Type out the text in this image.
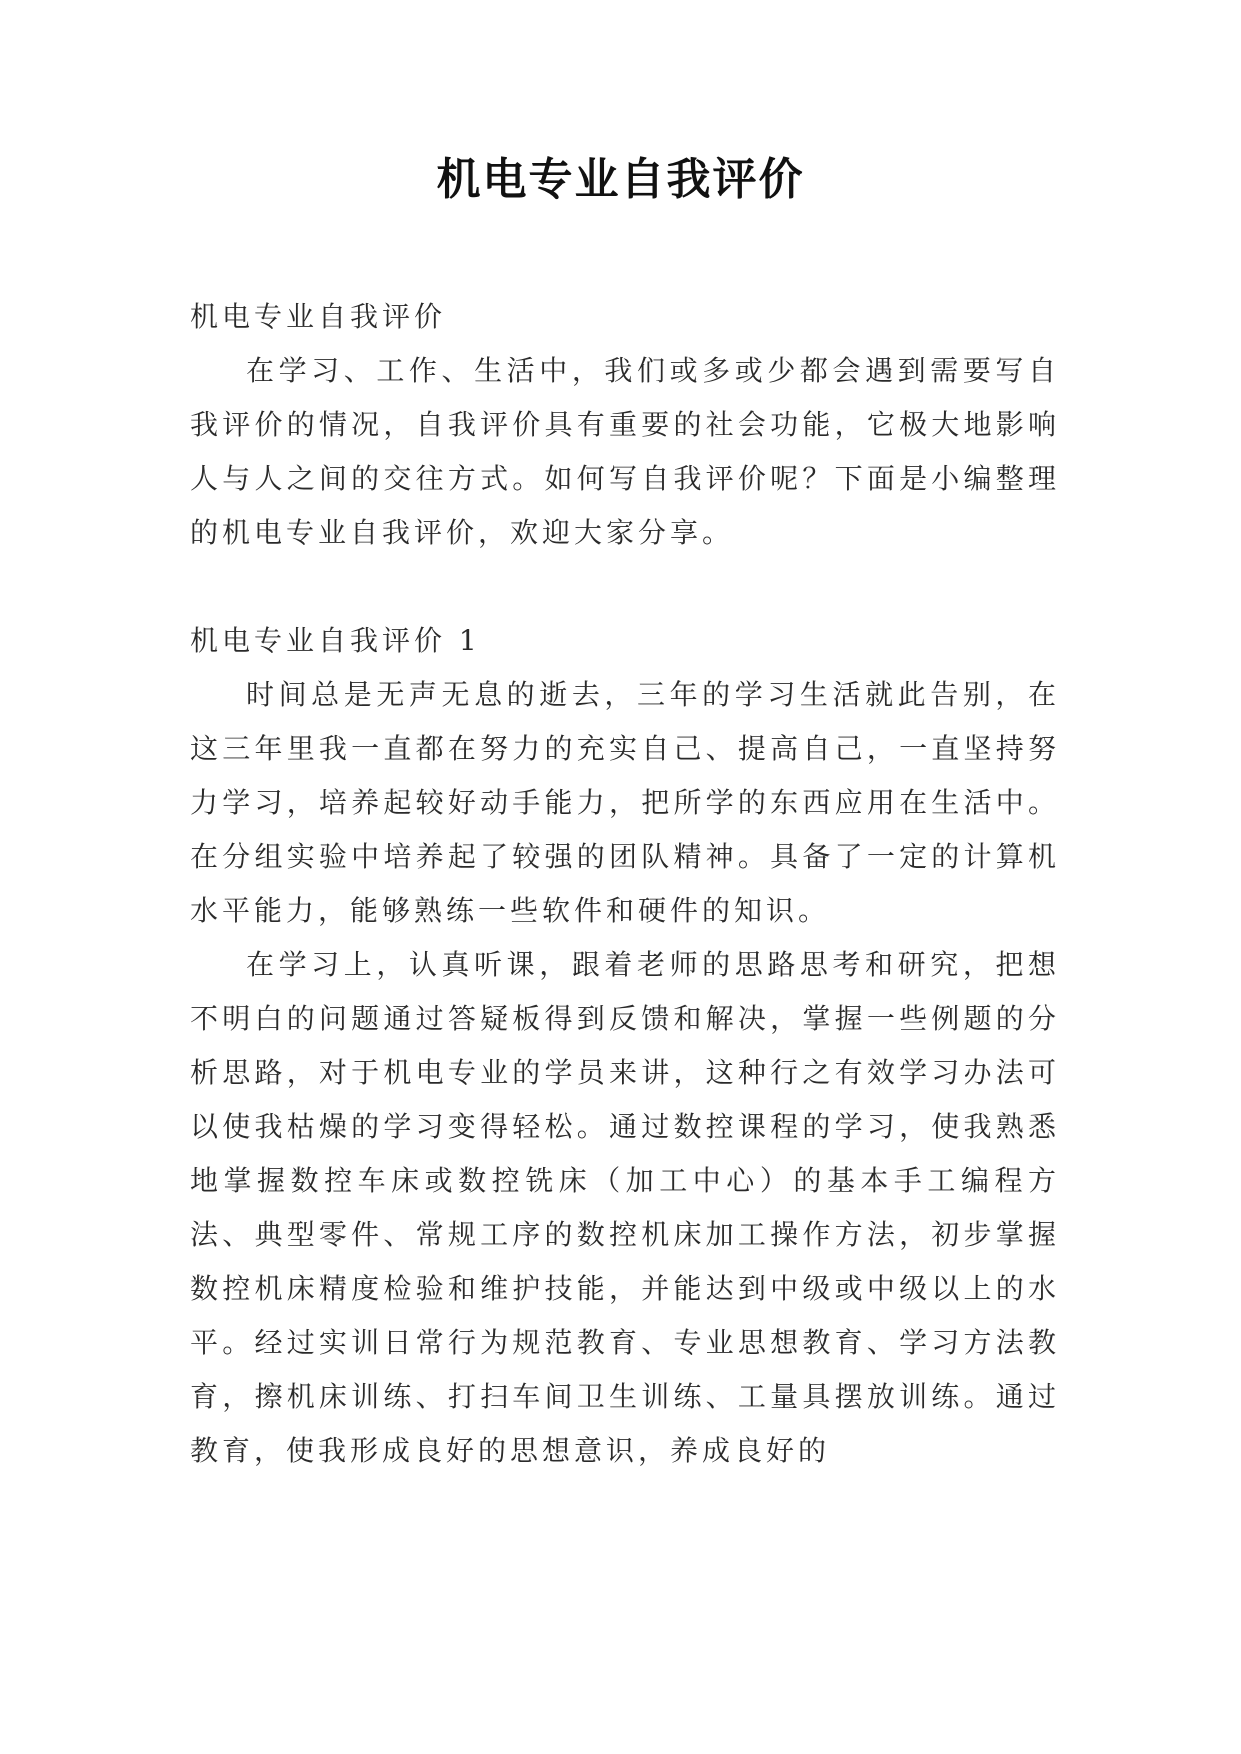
机电专业自我评价

机电专业自我评价

在学习、工作、生活中，我们或多或少都会遇到需要写自我评价的情况，自我评价具有重要的社会功能，它极大地影响人与人之间的交往方式。如何写自我评价呢？下面是小编整理的机电专业自我评价，欢迎大家分享。

机电专业自我评价 1

时间总是无声无息的逝去，三年的学习生活就此告别，在这三年里我一直都在努力的充实自己、提高自己，一直坚持努力学习，培养起较好动手能力，把所学的东西应用在生活中。在分组实验中培养起了较强的团队精神。具备了一定的计算机水平能力，能够熟练一些软件和硬件的知识。

在学习上，认真听课，跟着老师的思路思考和研究，把想不明白的问题通过答疑板得到反馈和解决，掌握一些例题的分析思路，对于机电专业的学员来讲，这种行之有效学习办法可以使我枯燥的学习变得轻松。通过数控课程的学习，使我熟悉地掌握数控车床或数控铣床（加工中心）的基本手工编程方法、典型零件、常规工序的数控机床加工操作方法，初步掌握数控机床精度检验和维护技能，并能达到中级或中级以上的水平。经过实训日常行为规范教育、专业思想教育、学习方法教育，擦机床训练、打扫车间卫生训练、工量具摆放训练。通过教育，使我形成良好的思想意识，养成良好的
